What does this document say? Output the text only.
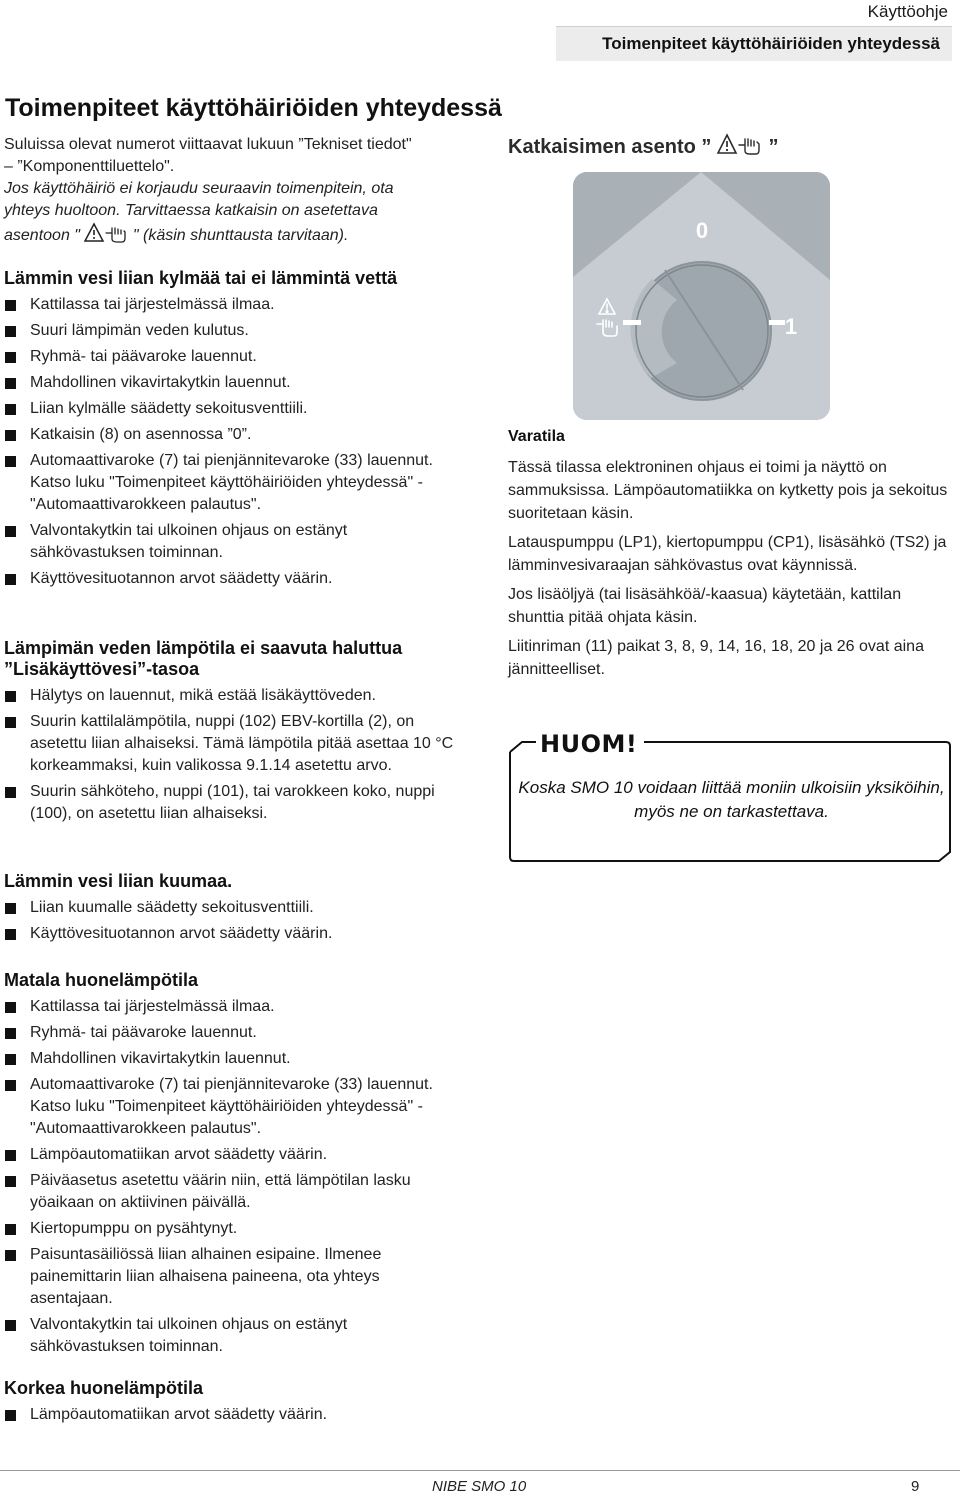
Käyttöohje
Toimenpiteet käyttöhäiriöiden yhteydessä
Toimenpiteet käyttöhäiriöiden yhteydessä

Suluissa olevat numerot viittaavat lukuun ”Tekniset tiedot"

– ”Komponenttiluettelo".

Jos käyttöhäiriö ei korjaudu seuraavin toimenpitein, ota

yhteys huoltoon. Tarvittaessa katkaisin on asetettava

asentoon "	" (käsin shunttausta tarvitaan).

Lämmin vesi liian kylmää tai ei lämmintä vettä
Kattilassa tai järjestelmässä ilmaa.
Suuri lämpimän veden kulutus.
Ryhmä- tai päävaroke lauennut.
Mahdollinen vikavirtakytkin lauennut.
Liian kylmälle säädetty sekoitusventtiili.
Katkaisin (8) on asennossa ”0”.
Automaattivaroke (7) tai pienjännitevaroke (33) lauennut. Katso luku "Toimenpiteet käyttöhäiriöiden yhteydessä" - "Automaattivarokkeen palautus".
Valvontakytkin tai ulkoinen ohjaus on estänyt sähkövastuksen toiminnan.
Käyttövesituotannon arvot säädetty väärin.
Lämpimän veden lämpötila ei saavuta haluttua ”Lisäkäyttövesi”-tasoa
Hälytys on lauennut, mikä estää lisäkäyttöveden.
Suurin kattilalämpötila, nuppi (102) EBV-kortilla (2), on asetettu liian alhaiseksi. Tämä lämpötila pitää asettaa 10 °C korkeammaksi, kuin valikossa 9.1.14 asetettu arvo.
Suurin sähköteho, nuppi (101), tai varokkeen koko, nuppi (100), on asetettu liian alhaiseksi.
Lämmin vesi liian kuumaa.
Liian kuumalle säädetty sekoitusventtiili.
Käyttövesituotannon arvot säädetty väärin.
Matala huonelämpötila
Kattilassa tai järjestelmässä ilmaa.
Ryhmä- tai päävaroke lauennut.
Mahdollinen vikavirtakytkin lauennut.
Automaattivaroke (7) tai pienjännitevaroke (33) lauennut. Katso luku "Toimenpiteet käyttöhäiriöiden yhteydessä" - "Automaattivarokkeen palautus".
Lämpöautomatiikan arvot säädetty väärin.
Päiväasetus asetettu väärin niin, että lämpötilan lasku yöaikaan on aktiivinen päivällä.
Kiertopumppu on pysähtynyt.
Paisuntasäiliössä liian alhainen esipaine. Ilmenee painemittarin liian alhaisena paineena, ota yhteys asentajaan.
Valvontakytkin tai ulkoinen ohjaus on estänyt sähkövastuksen toiminnan.
Korkea huonelämpötila
Lämpöautomatiikan arvot säädetty väärin.
Katkaisimen asento ”	”
0
1
Varatila

Tässä tilassa elektroninen ohjaus ei toimi ja näyttö on sammuksissa. Lämpöautomatiikka on kytketty pois ja sekoitus suoritetaan käsin.

Latauspumppu (LP1), kiertopumppu (CP1), lisäsähkö (TS2) ja lämminvesivaraajan sähkövastus ovat käynnissä.

Jos lisäöljyä (tai lisäsähköä/-kaasua) käytetään, kattilan shunttia pitää ohjata käsin.

Liitinriman (11) paikat 3, 8, 9, 14, 16, 18, 20 ja 26 ovat aina jännitteelliset.

HUOM!
Koska SMO 10 voidaan liittää moniin ulkoisiin yksiköihin, myös ne on tarkastettava.
NIBE SMO 10	9
